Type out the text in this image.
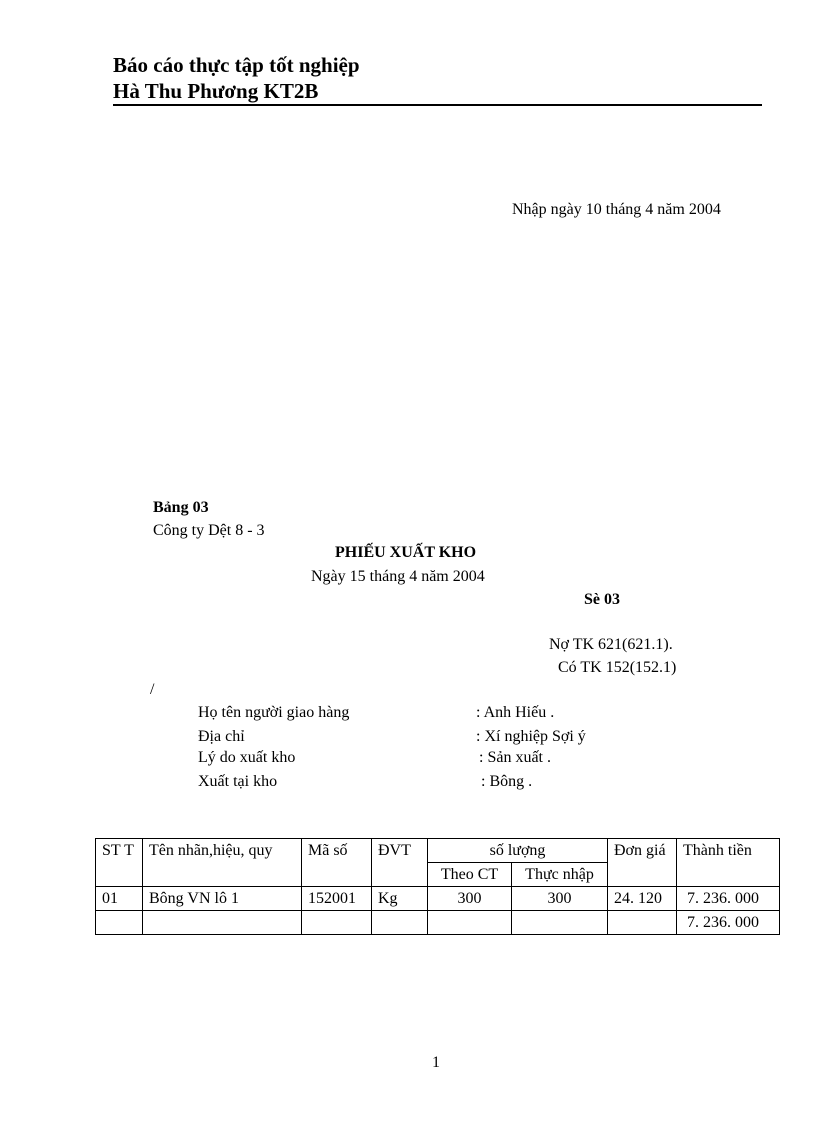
Báo cáo thực tập tốt nghiệp
Hà Thu Phương KT2B
Nhập ngày 10 tháng 4 năm 2004
Bảng 03
Công ty Dệt 8 - 3
PHIẾU XUẤT KHO
Ngày 15 tháng 4 năm 2004
Sè 03
Nợ TK 621(621.1).
Có TK 152(152.1)
/
Họ tên người giao hàng	: Anh Hiếu .
Địa chỉ	: Xí nghiệp Sợi ý
Lý do xuất kho	: Sản xuất .
Xuất tại kho	: Bông .
ST T	Tên nhãn,hiệu, quy	Mã số	ĐVT	số lượng		Đơn giá	Thành tiền
				Theo CT	Thực nhập		
01	Bông VN lô 1	152001	Kg	300	300	24. 120	7. 236. 000
							7. 236. 000
1
